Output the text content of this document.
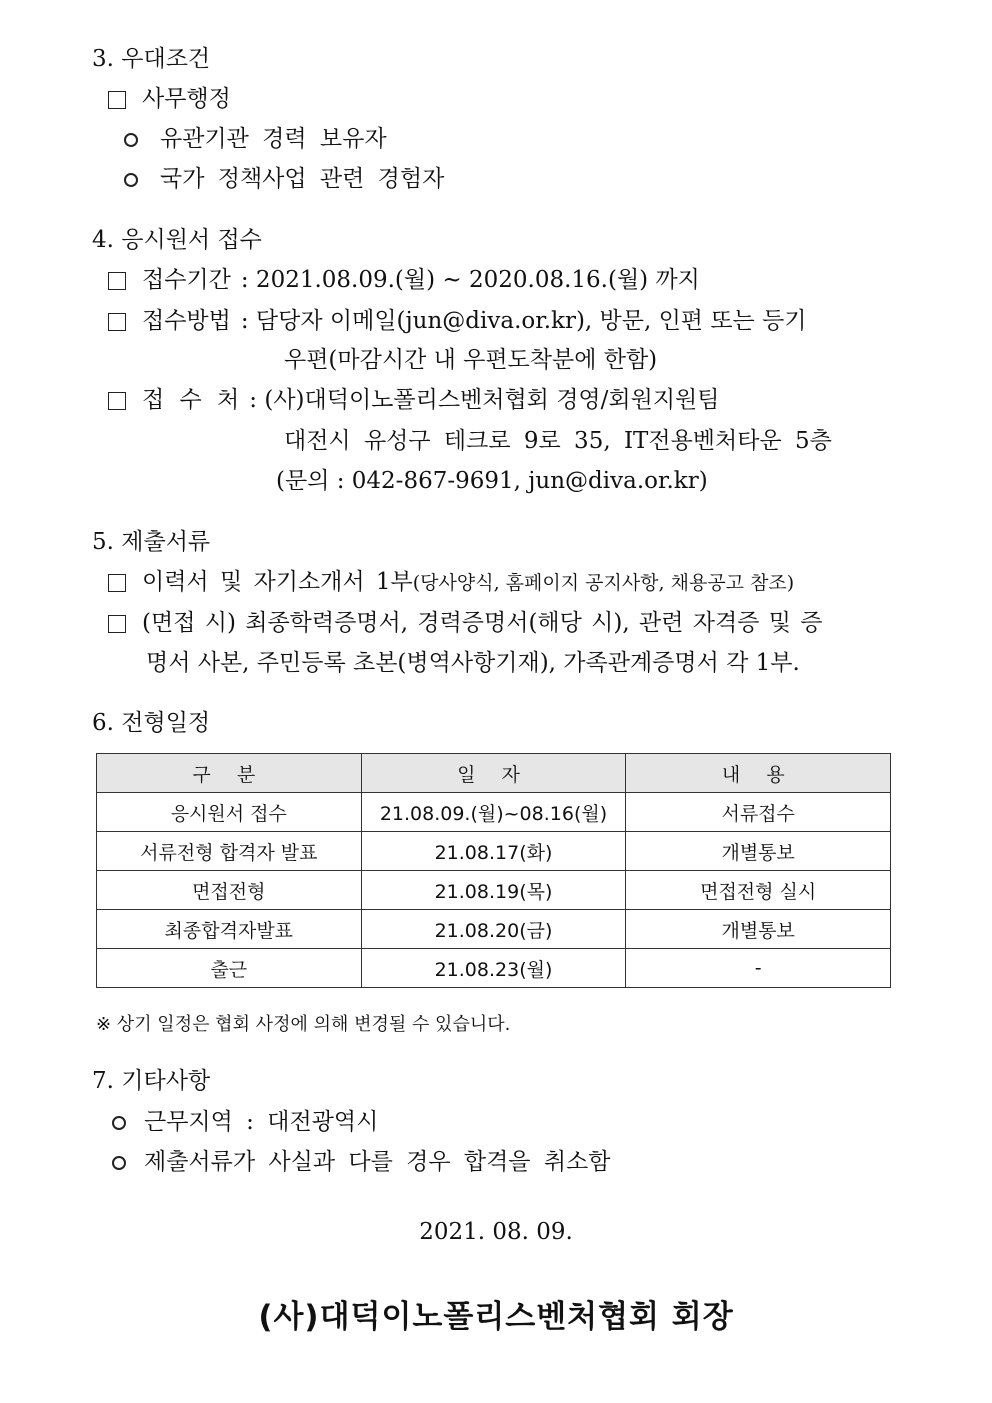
3. 우대조건
사무행정
유관기관 경력 보유자
국가 정책사업 관련 경험자
4. 응시원서 접수
접수기간 : 2021.08.09.(월) ~ 2020.08.16.(월) 까지
접수방법 : 담당자 이메일(jun@diva.or.kr), 방문, 인편 또는 등기
우편(마감시간 내 우편도착분에 한함)
접 수 처 : (사)대덕이노폴리스벤처협회 경영/회원지원팀
대전시 유성구 테크로 9로 35, IT전용벤처타운 5층
(문의 : 042-867-9691, jun@diva.or.kr)
5. 제출서류
이력서 및 자기소개서 1부(당사양식, 홈페이지 공지사항, 채용공고 참조)
(면접 시) 최종학력증명서, 경력증명서(해당 시), 관련 자격증 및 증
명서 사본, 주민등록 초본(병역사항기재), 가족관계증명서 각 1부.
6. 전형일정
구 분	일 자	내 용
응시원서 접수	21.08.09.(월)~08.16(월)	서류접수
서류전형 합격자 발표	21.08.17(화)	개별통보
면접전형	21.08.19(목)	면접전형 실시
최종합격자발표	21.08.20(금)	개별통보
출근	21.08.23(월)	-
※ 상기 일정은 협회 사정에 의해 변경될 수 있습니다.
7. 기타사항
근무지역 : 대전광역시
제출서류가 사실과 다를 경우 합격을 취소함
2021. 08. 09.
(사)대덕이노폴리스벤처협회 회장
